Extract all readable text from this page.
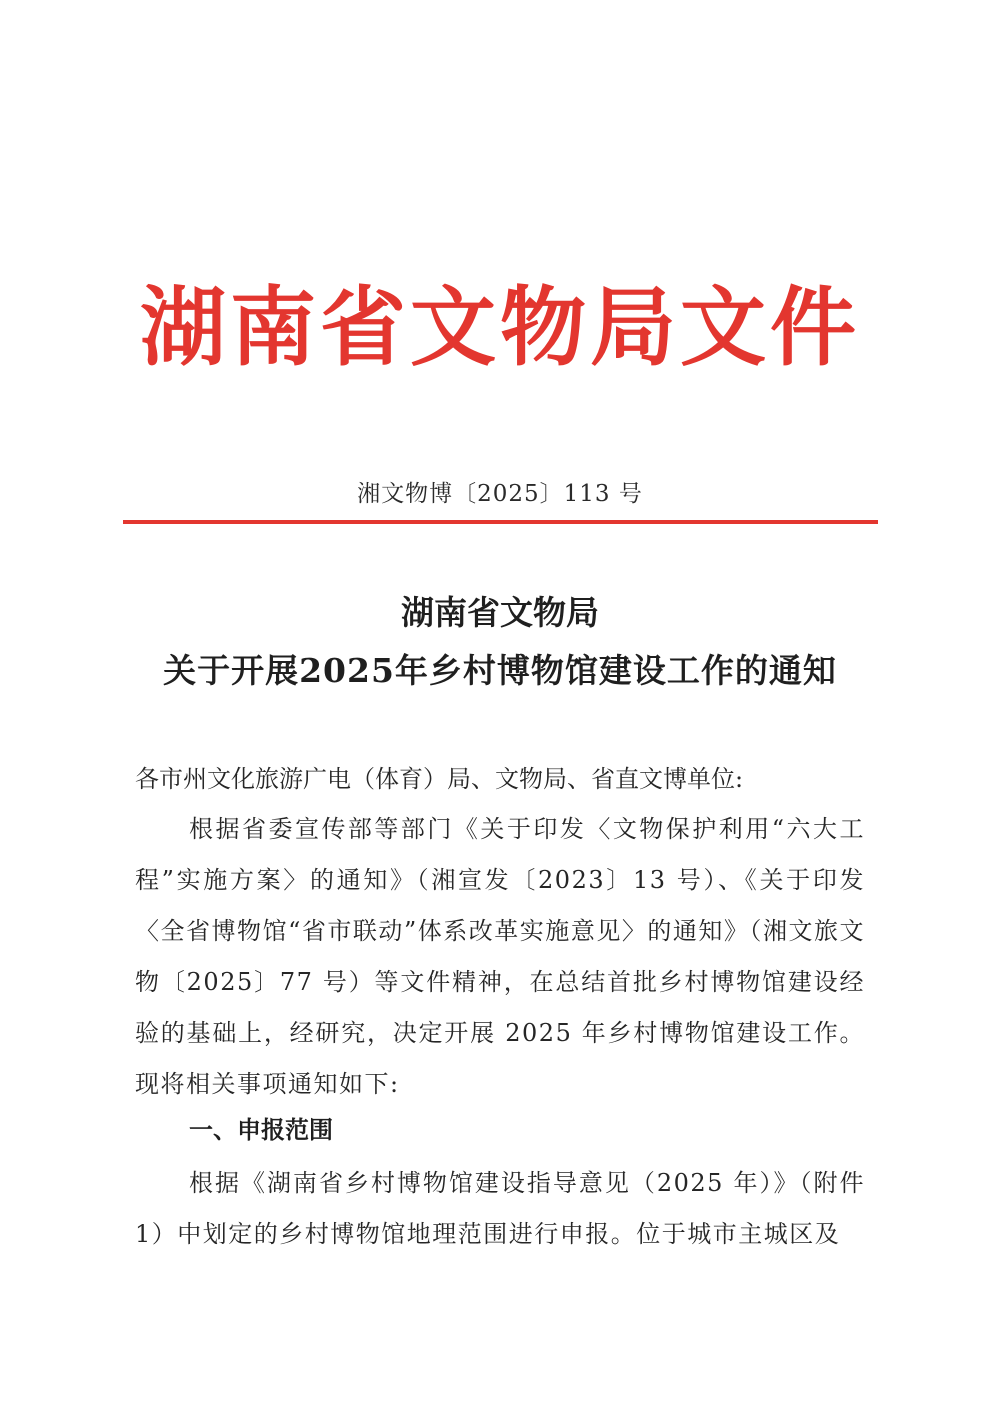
湖南省文物局文件
湘文物博〔2025〕113 号
湖南省文物局
关于开展2025年乡村博物馆建设工作的通知
各市州文化旅游广电（体育）局、文物局、省直文博单位:
根据省委宣传部等部门《关于印发〈文物保护利用“六大工程”实施方案〉的通知》（湘宣发〔2023〕13 号）、《关于印发〈全省博物馆“省市联动”体系改革实施意见〉的通知》（湘文旅文物〔2025〕77 号）等文件精神，在总结首批乡村博物馆建设经验的基础上，经研究，决定开展 2025 年乡村博物馆建设工作。现将相关事项通知如下:
一、申报范围
根据《湖南省乡村博物馆建设指导意见（2025 年）》（附件 1）中划定的乡村博物馆地理范围进行申报。位于城市主城区及
